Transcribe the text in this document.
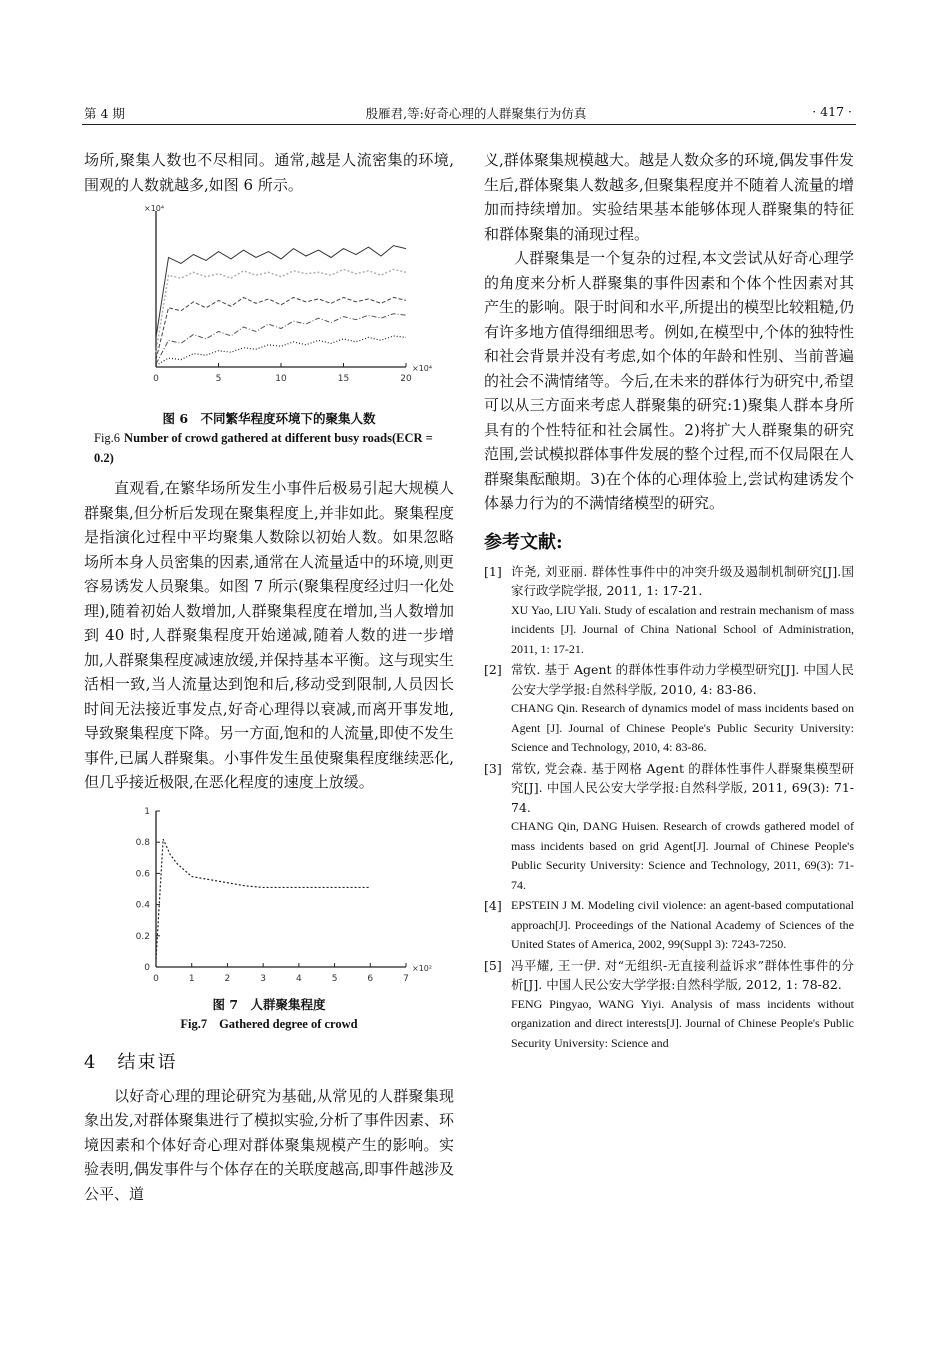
第 4 期	殷雁君,等:好奇心理的人群聚集行为仿真	· 417 ·

场所,聚集人数也不尽相同。通常,越是人流密集的环境,围观的人数就越多,如图 6 所示。

0	5	10	15	20
×10⁴
×10⁴
图 6　不同繁华程度环境下的聚集人数
Fig.6 Number of crowd gathered at different busy roads(ECR = 0.2)

直观看,在繁华场所发生小事件后极易引起大规模人群聚集,但分析后发现在聚集程度上,并非如此。聚集程度是指演化过程中平均聚集人数除以初始人数。如果忽略场所本身人员密集的因素,通常在人流量适中的环境,则更容易诱发人员聚集。如图 7 所示(聚集程度经过归一化处理),随着初始人数增加,人群聚集程度在增加,当人数增加到 40 时,人群聚集程度开始递减,随着人数的进一步增加,人群聚集程度减速放缓,并保持基本平衡。这与现实生活相一致,当人流量达到饱和后,移动受到限制,人员因长时间无法接近事发点,好奇心理得以衰减,而离开事发地,导致聚集程度下降。另一方面,饱和的人流量,即使不发生事件,已属人群聚集。小事件发生虽使聚集程度继续恶化,但几乎接近极限,在恶化程度的速度上放缓。

0	1	2	3	4	5	6	7
0
0.2
0.4
0.6
0.8
1
×10²
图 7　人群聚集程度
Fig.7 Gathered degree of crowd
4　结束语

以好奇心理的理论研究为基础,从常见的人群聚集现象出发,对群体聚集进行了模拟实验,分析了事件因素、环境因素和个体好奇心理对群体聚集规模产生的影响。实验表明,偶发事件与个体存在的关联度越高,即事件越涉及公平、道

义,群体聚集规模越大。越是人数众多的环境,偶发事件发生后,群体聚集人数越多,但聚集程度并不随着人流量的增加而持续增加。实验结果基本能够体现人群聚集的特征和群体聚集的涌现过程。

人群聚集是一个复杂的过程,本文尝试从好奇心理学的角度来分析人群聚集的事件因素和个体个性因素对其产生的影响。限于时间和水平,所提出的模型比较粗糙,仍有许多地方值得细细思考。例如,在模型中,个体的独特性和社会背景并没有考虑,如个体的年龄和性别、当前普遍的社会不满情绪等。今后,在未来的群体行为研究中,希望可以从三方面来考虑人群聚集的研究:1)聚集人群本身所具有的个性特征和社会属性。2)将扩大人群聚集的研究范围,尝试模拟群体事件发展的整个过程,而不仅局限在人群聚集酝酿期。3)在个体的心理体验上,尝试构建诱发个体暴力行为的不满情绪模型的研究。

参考文献:
[1] 许尧, 刘亚丽. 群体性事件中的冲突升级及遏制机制研究[J].国家行政学院学报, 2011, 1: 17-21.
XU Yao, LIU Yali. Study of escalation and restrain mechanism of mass incidents [J]. Journal of China National School of Administration, 2011, 1: 17-21.
[2] 常钦. 基于 Agent 的群体性事件动力学模型研究[J]. 中国人民公安大学学报:自然科学版, 2010, 4: 83-86.
CHANG Qin. Research of dynamics model of mass incidents based on Agent [J]. Journal of Chinese People's Public Security University: Science and Technology, 2010, 4: 83-86.
[3] 常钦, 党会森. 基于网格 Agent 的群体性事件人群聚集模型研究[J]. 中国人民公安大学学报:自然科学版, 2011, 69(3): 71-74.
CHANG Qin, DANG Huisen. Research of crowds gathered model of mass incidents based on grid Agent[J]. Journal of Chinese People's Public Security University: Science and Technology, 2011, 69(3): 71-74.
[4] EPSTEIN J M. Modeling civil violence: an agent-based computational approach[J]. Proceedings of the National Academy of Sciences of the United States of America, 2002, 99(Suppl 3): 7243-7250.
[5] 冯平耀, 王一伊. 对“无组织-无直接利益诉求”群体性事件的分析[J]. 中国人民公安大学学报:自然科学版, 2012, 1: 78-82.
FENG Pingyao, WANG Yiyi. Analysis of mass incidents without organization and direct interests[J]. Journal of Chinese People's Public Security University: Science and
